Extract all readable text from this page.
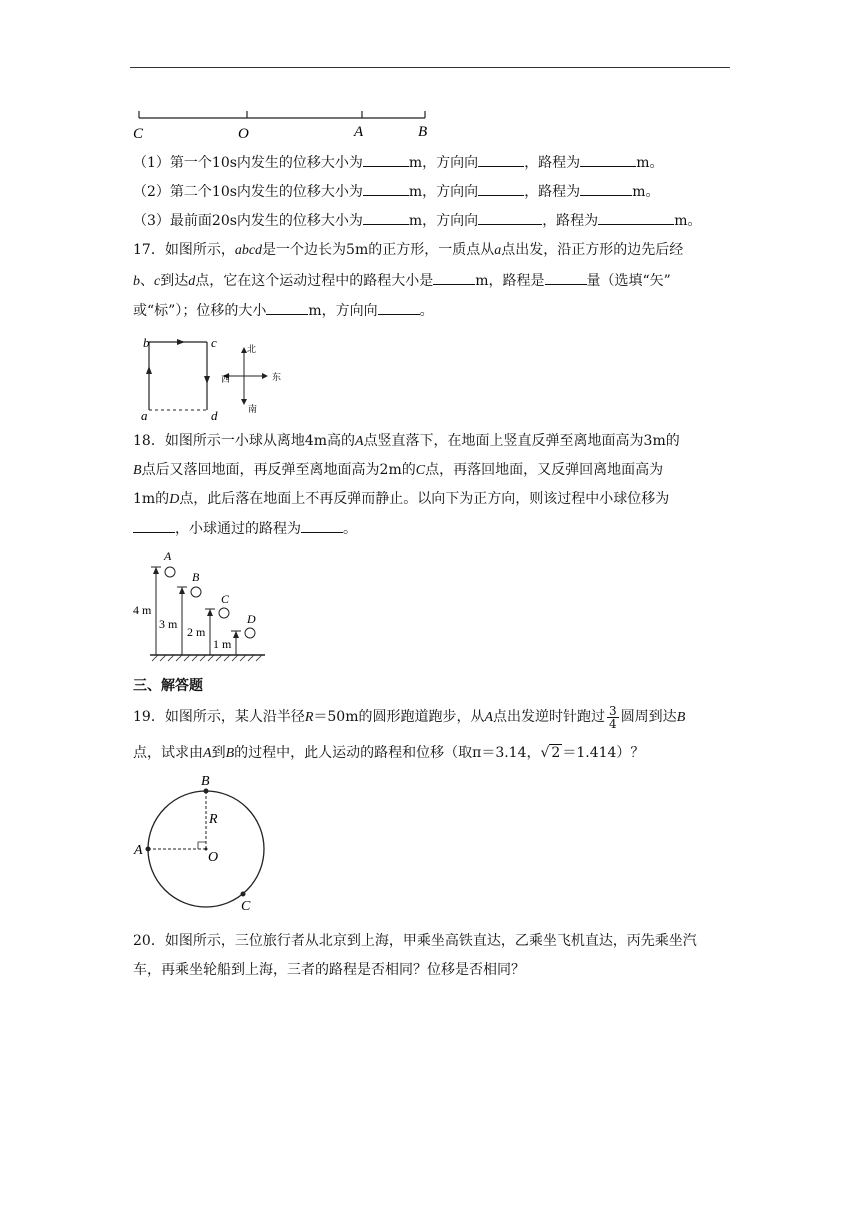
C	O	A	B
（1）第一个10s内发生的位移大小为	m，方向向	，路程为	m。
（2）第二个10s内发生的位移大小为	m，方向向	，路程为	m。
（3）最前面20s内发生的位移大小为	m，方向向	，路程为	m。
17．如图所示，abcd是一个边长为5m的正方形，一质点从a点出发，沿正方形的边先后经
b、c到达d点，它在这个运动过程中的路程大小是	m，路程是	量（选填“矢”
或“标”）；位移的大小	m，方向向	。
b	c
a	d
北
南
东
西
18．如图所示一小球从离地4m高的A点竖直落下，在地面上竖直反弹至离地面高为3m的
B点后又落回地面，再反弹至离地面高为2m的C点，再落回地面，又反弹回离地面高为
1m的D点，此后落在地面上不再反弹而静止。以向下为正方向，则该过程中小球位移为
，小球通过的路程为	。
A
4 m
B
3 m
C
2 m
D
1 m
三、解答题
19．如图所示，某人沿半径R＝50m的圆形跑道跑步，从A点出发逆时针跑过 $\frac{3}{4}$ 圆周到达B
点，试求由A到B的过程中，此人运动的路程和位移（取π＝3.14，√ 2 ＝1.414）？
B
A	O
R
C
20．如图所示，三位旅行者从北京到上海，甲乘坐高铁直达，乙乘坐飞机直达，丙先乘坐汽
车，再乘坐轮船到上海，三者的路程是否相同？位移是否相同？
